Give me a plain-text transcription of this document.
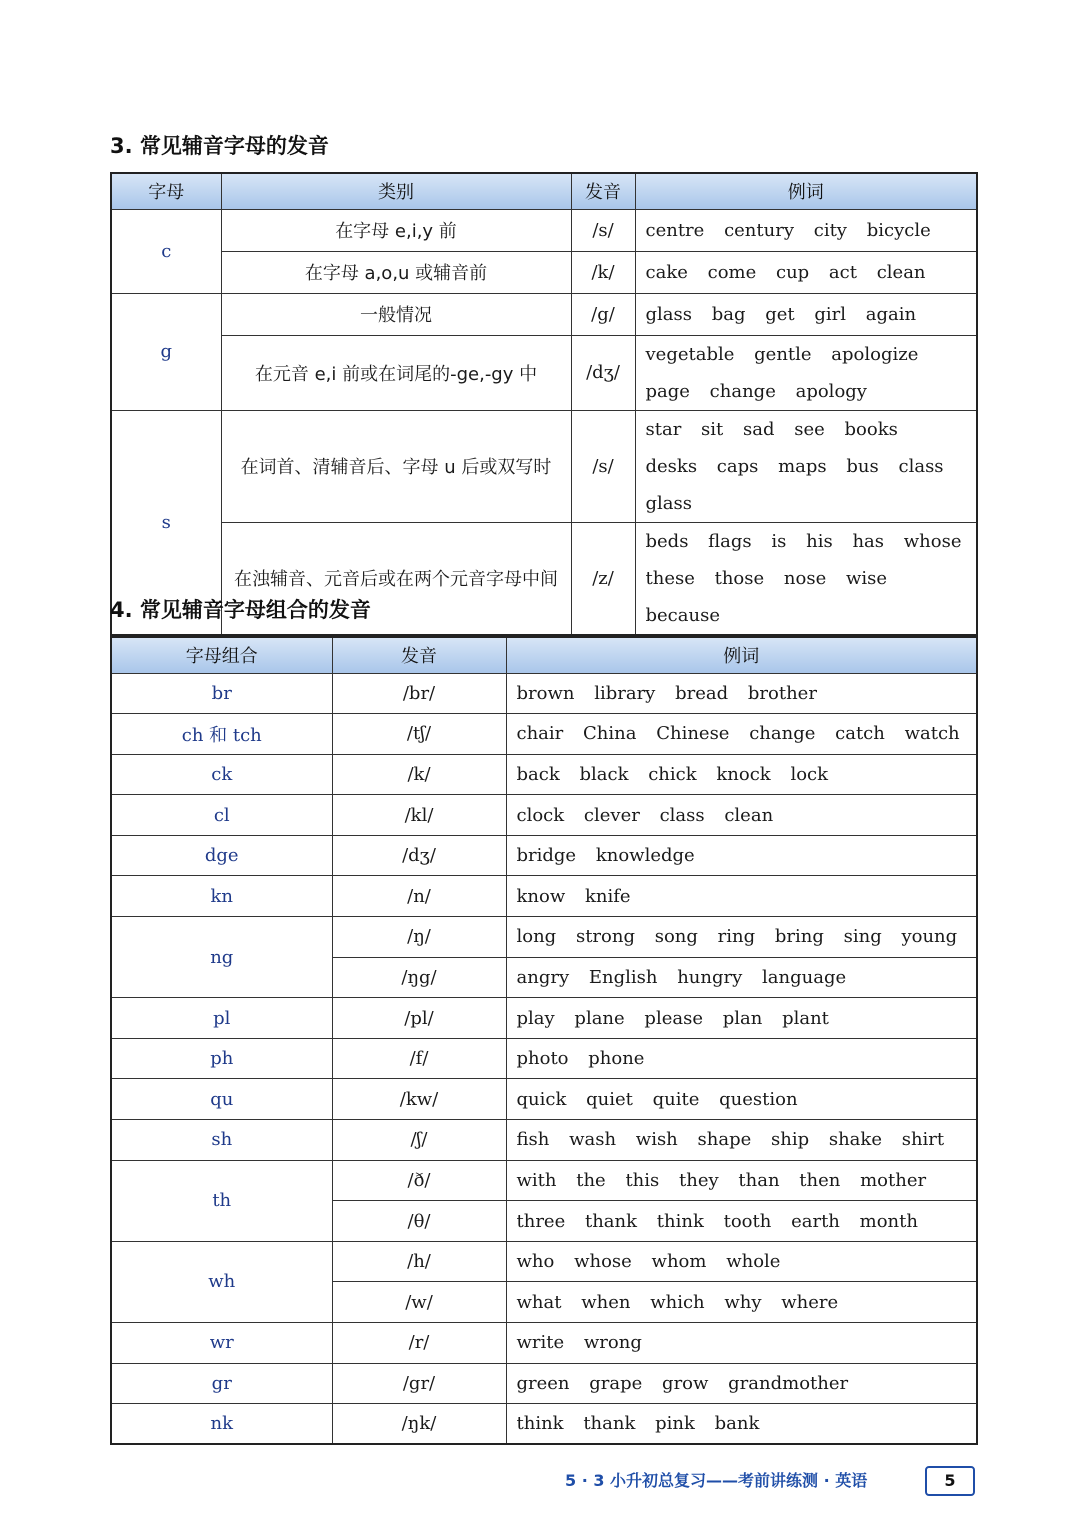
3. 常见辅音字母的发音
字母	类别	发音	例词
c	在字母 e,i,y 前	/s/	centre century city bicycle
	在字母 a,o,u 或辅音前	/k/	cake come cup act clean
g	一般情况	/g/	glass bag get girl again
	在元音 e,i 前或在词尾的-ge,-gy 中	/dʒ/	vegetable gentle apologize page change apology
s	在词首、清辅音后、字母 u 后或双写时	/s/	star sit sad see books desks caps maps bus class glass
	在浊辅音、元音后或在两个元音字母中间	/z/	beds flags is his has whose these those nose wise because
4. 常见辅音字母组合的发音
字母组合	发音	例词
br	/br/	brown library bread brother
ch 和 tch	/tʃ/	chair China Chinese change catch watch
ck	/k/	back black chick knock lock
cl	/kl/	clock clever class clean
dge	/dʒ/	bridge knowledge
kn	/n/	know knife
ng	/ŋ/	long strong song ring bring sing young
	/ŋg/	angry English hungry language
pl	/pl/	play plane please plan plant
ph	/f/	photo phone
qu	/kw/	quick quiet quite question
sh	/ʃ/	fish wash wish shape ship shake shirt
th	/ð/	with the this they than then mother
	/θ/	three thank think tooth earth month
wh	/h/	who whose whom whole
	/w/	what when which why where
wr	/r/	write wrong
gr	/gr/	green grape grow grandmother
nk	/ŋk/	think thank pink bank
5 · 3 小升初总复习——考前讲练测 · 英语	5
